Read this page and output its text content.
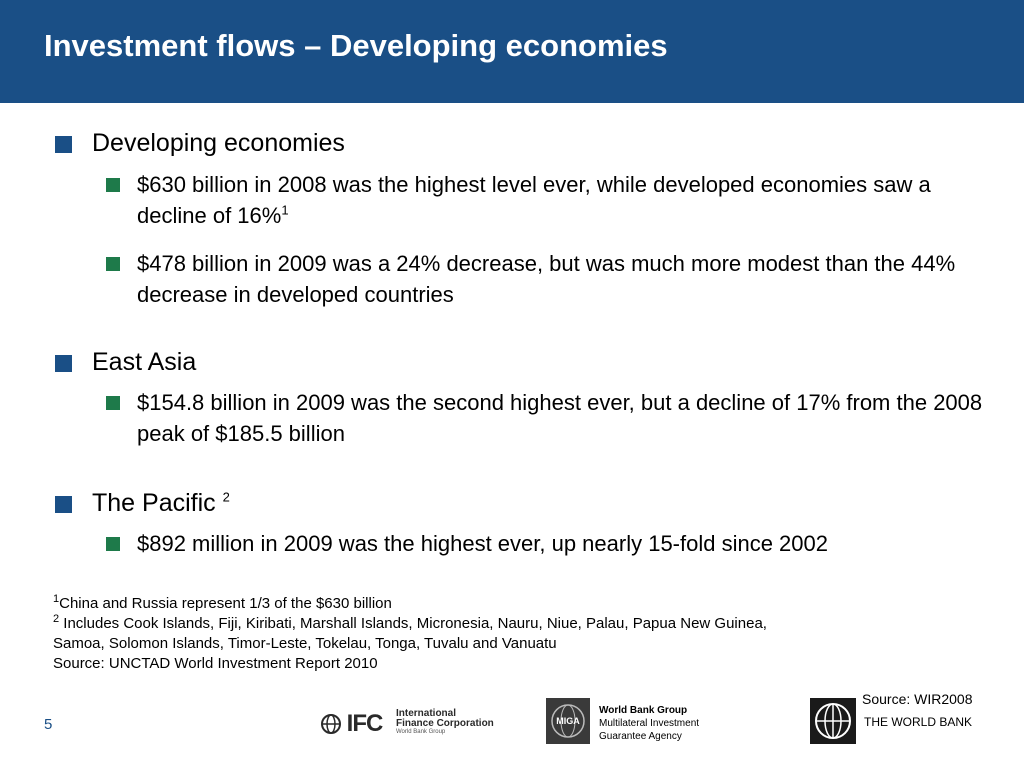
Investment flows – Developing economies
Developing economies
$630 billion in 2008 was the highest level ever, while developed economies saw a decline of 16%$^1$
$478 billion in 2009 was a 24% decrease, but was much more modest than the 44% decrease in developed countries
East Asia
$154.8 billion in 2009 was the second highest ever, but a decline of 17% from the 2008 peak of $185.5 billion
The Pacific $^2$
$892 million in 2009 was the highest ever, up nearly 15-fold since 2002
$^1$China and Russia represent 1/3 of the $630 billion
$^2$ Includes Cook Islands, Fiji, Kiribati, Marshall Islands, Micronesia, Nauru, Niue, Palau, Papua New Guinea, Samoa, Solomon Islands, Timor-Leste, Tokelau, Tonga, Tuvalu and Vanuatu
Source: UNCTAD World Investment Report 2010
5	IFC International
Finance Corporation
World Bank Group
MIGA
World Bank Group
Multilateral Investment
Guarantee Agency
Source: WIR2008
THE WORLD BANK
